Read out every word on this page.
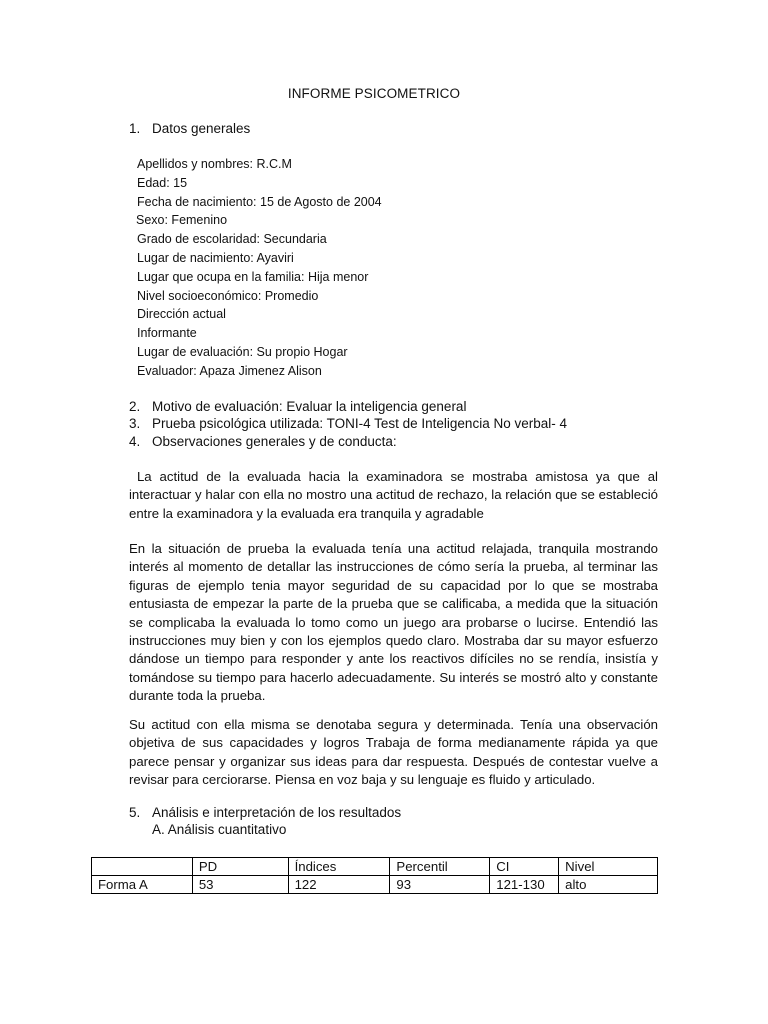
INFORME PSICOMETRICO
1. Datos generales
Apellidos y nombres: R.C.M
Edad: 15
Fecha de nacimiento: 15 de Agosto de 2004
Sexo: Femenino
Grado de escolaridad: Secundaria
Lugar de nacimiento: Ayaviri
Lugar que ocupa en la familia: Hija menor
Nivel socioeconómico: Promedio
Dirección actual
Informante
Lugar de evaluación: Su propio Hogar
Evaluador: Apaza Jimenez Alison
2. Motivo de evaluación: Evaluar la inteligencia general
3. Prueba psicológica utilizada: TONI-4 Test de Inteligencia No verbal- 4
4. Observaciones generales y de conducta:

La actitud de la evaluada hacia la examinadora se mostraba amistosa ya que al interactuar y halar con ella no mostro una actitud de rechazo, la relación que se estableció entre la examinadora y la evaluada era tranquila y agradable

En la situación de prueba la evaluada tenía una actitud relajada, tranquila mostrando interés al momento de detallar las instrucciones de cómo sería la prueba, al terminar las figuras de ejemplo tenia mayor seguridad de su capacidad por lo que se mostraba entusiasta de empezar la parte de la prueba que se calificaba, a medida que la situación se complicaba la evaluada lo tomo como un juego ara probarse o lucirse. Entendió las instrucciones muy bien y con los ejemplos quedo claro. Mostraba dar su mayor esfuerzo dándose un tiempo para responder y ante los reactivos difíciles no se rendía, insistía y tomándose su tiempo para hacerlo adecuadamente. Su interés se mostró alto y constante durante toda la prueba.

Su actitud con ella misma se denotaba segura y determinada. Tenía una observación objetiva de sus capacidades y logros Trabaja de forma medianamente rápida ya que parece pensar y organizar sus ideas para dar respuesta. Después de contestar vuelve a revisar para cerciorarse. Piensa en voz baja y su lenguaje es fluido y articulado.

5. Análisis e interpretación de los resultados
A. Análisis cuantitativo
	PD	Índices	Percentil	CI	Nivel
Forma A	53	122	93	121-130	alto
